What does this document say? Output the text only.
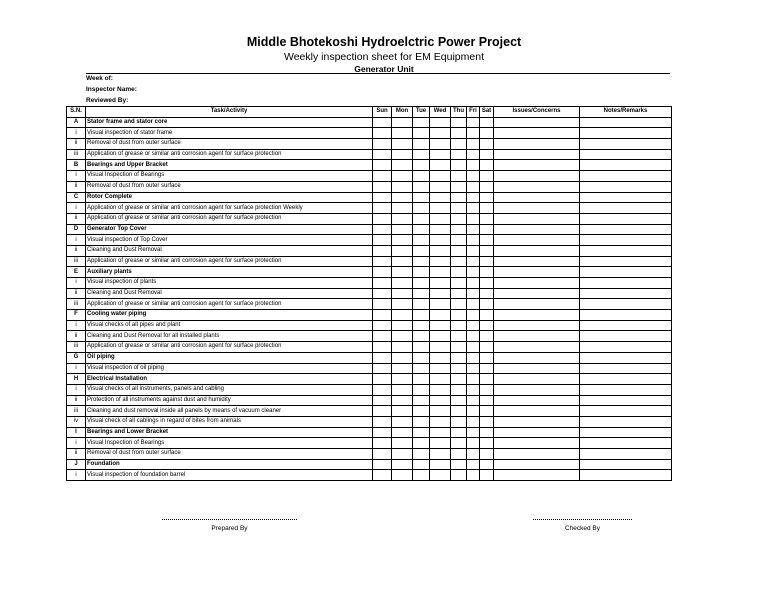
Middle Bhotekoshi Hydroelctric Power Project
Weekly inspection sheet for EM Equipment
Generator Unit
Week of:
Inspector Name:
Reviewed By:
S.N.	Task/Activity	Sun	Mon	Tue	Wed	Thu	Fri	Sat	Issues/Concerns	Notes/Remarks
A	Stator frame and stator core									
i	Visual inspection of stator frame									
ii	Removal of dust from outer surface									
iii	Application of grease or similar anti corrosion agent for surface protection									
B	Bearings and Upper Bracket									
i	Visual Inspection of Bearings									
ii	Removal of dust from outer surface									
C	Rotor Complete									
i	Application of grease or similar anti corrosion agent for surface protection Weekly									
ii	Application of grease or similar anti corrosion agent for surface protection									
D	Generator Top Cover									
i	Visual inspection of Top Cover									
ii	Cleaning and Dust Removal									
iii	Application of grease or similar anti corrosion agent for surface protection									
E	Auxiliary plants									
i	Visual inspection of plants									
ii	Cleaning and Dust Removal									
iii	Application of grease or similar anti corrosion agent for surface protection									
F	Cooling water piping									
i	Visual checks of all pipes and plant									
ii	Cleaning and Dust Removal for all installed plants									
iii	Application of grease or similar anti corrosion agent for surface protection									
G	Oil piping									
i	Visual inspection of oil piping									
H	Electrical Installation									
i	Visual checks of all instruments, panels and cabling									
ii	Protection of all instruments against dust and humidity									
iii	Cleaning and dust removal inside all panels by means of vacuum cleaner									
iv	Visual check of all cablings in regard of bites from animals									
I	Bearings and Lower Bracket									
i	Visual Inspection of Bearings									
ii	Removal of dust from outer surface									
J	Foundation									
i	Visual inspection of foundation barrel									
Prepared By	Checked By
